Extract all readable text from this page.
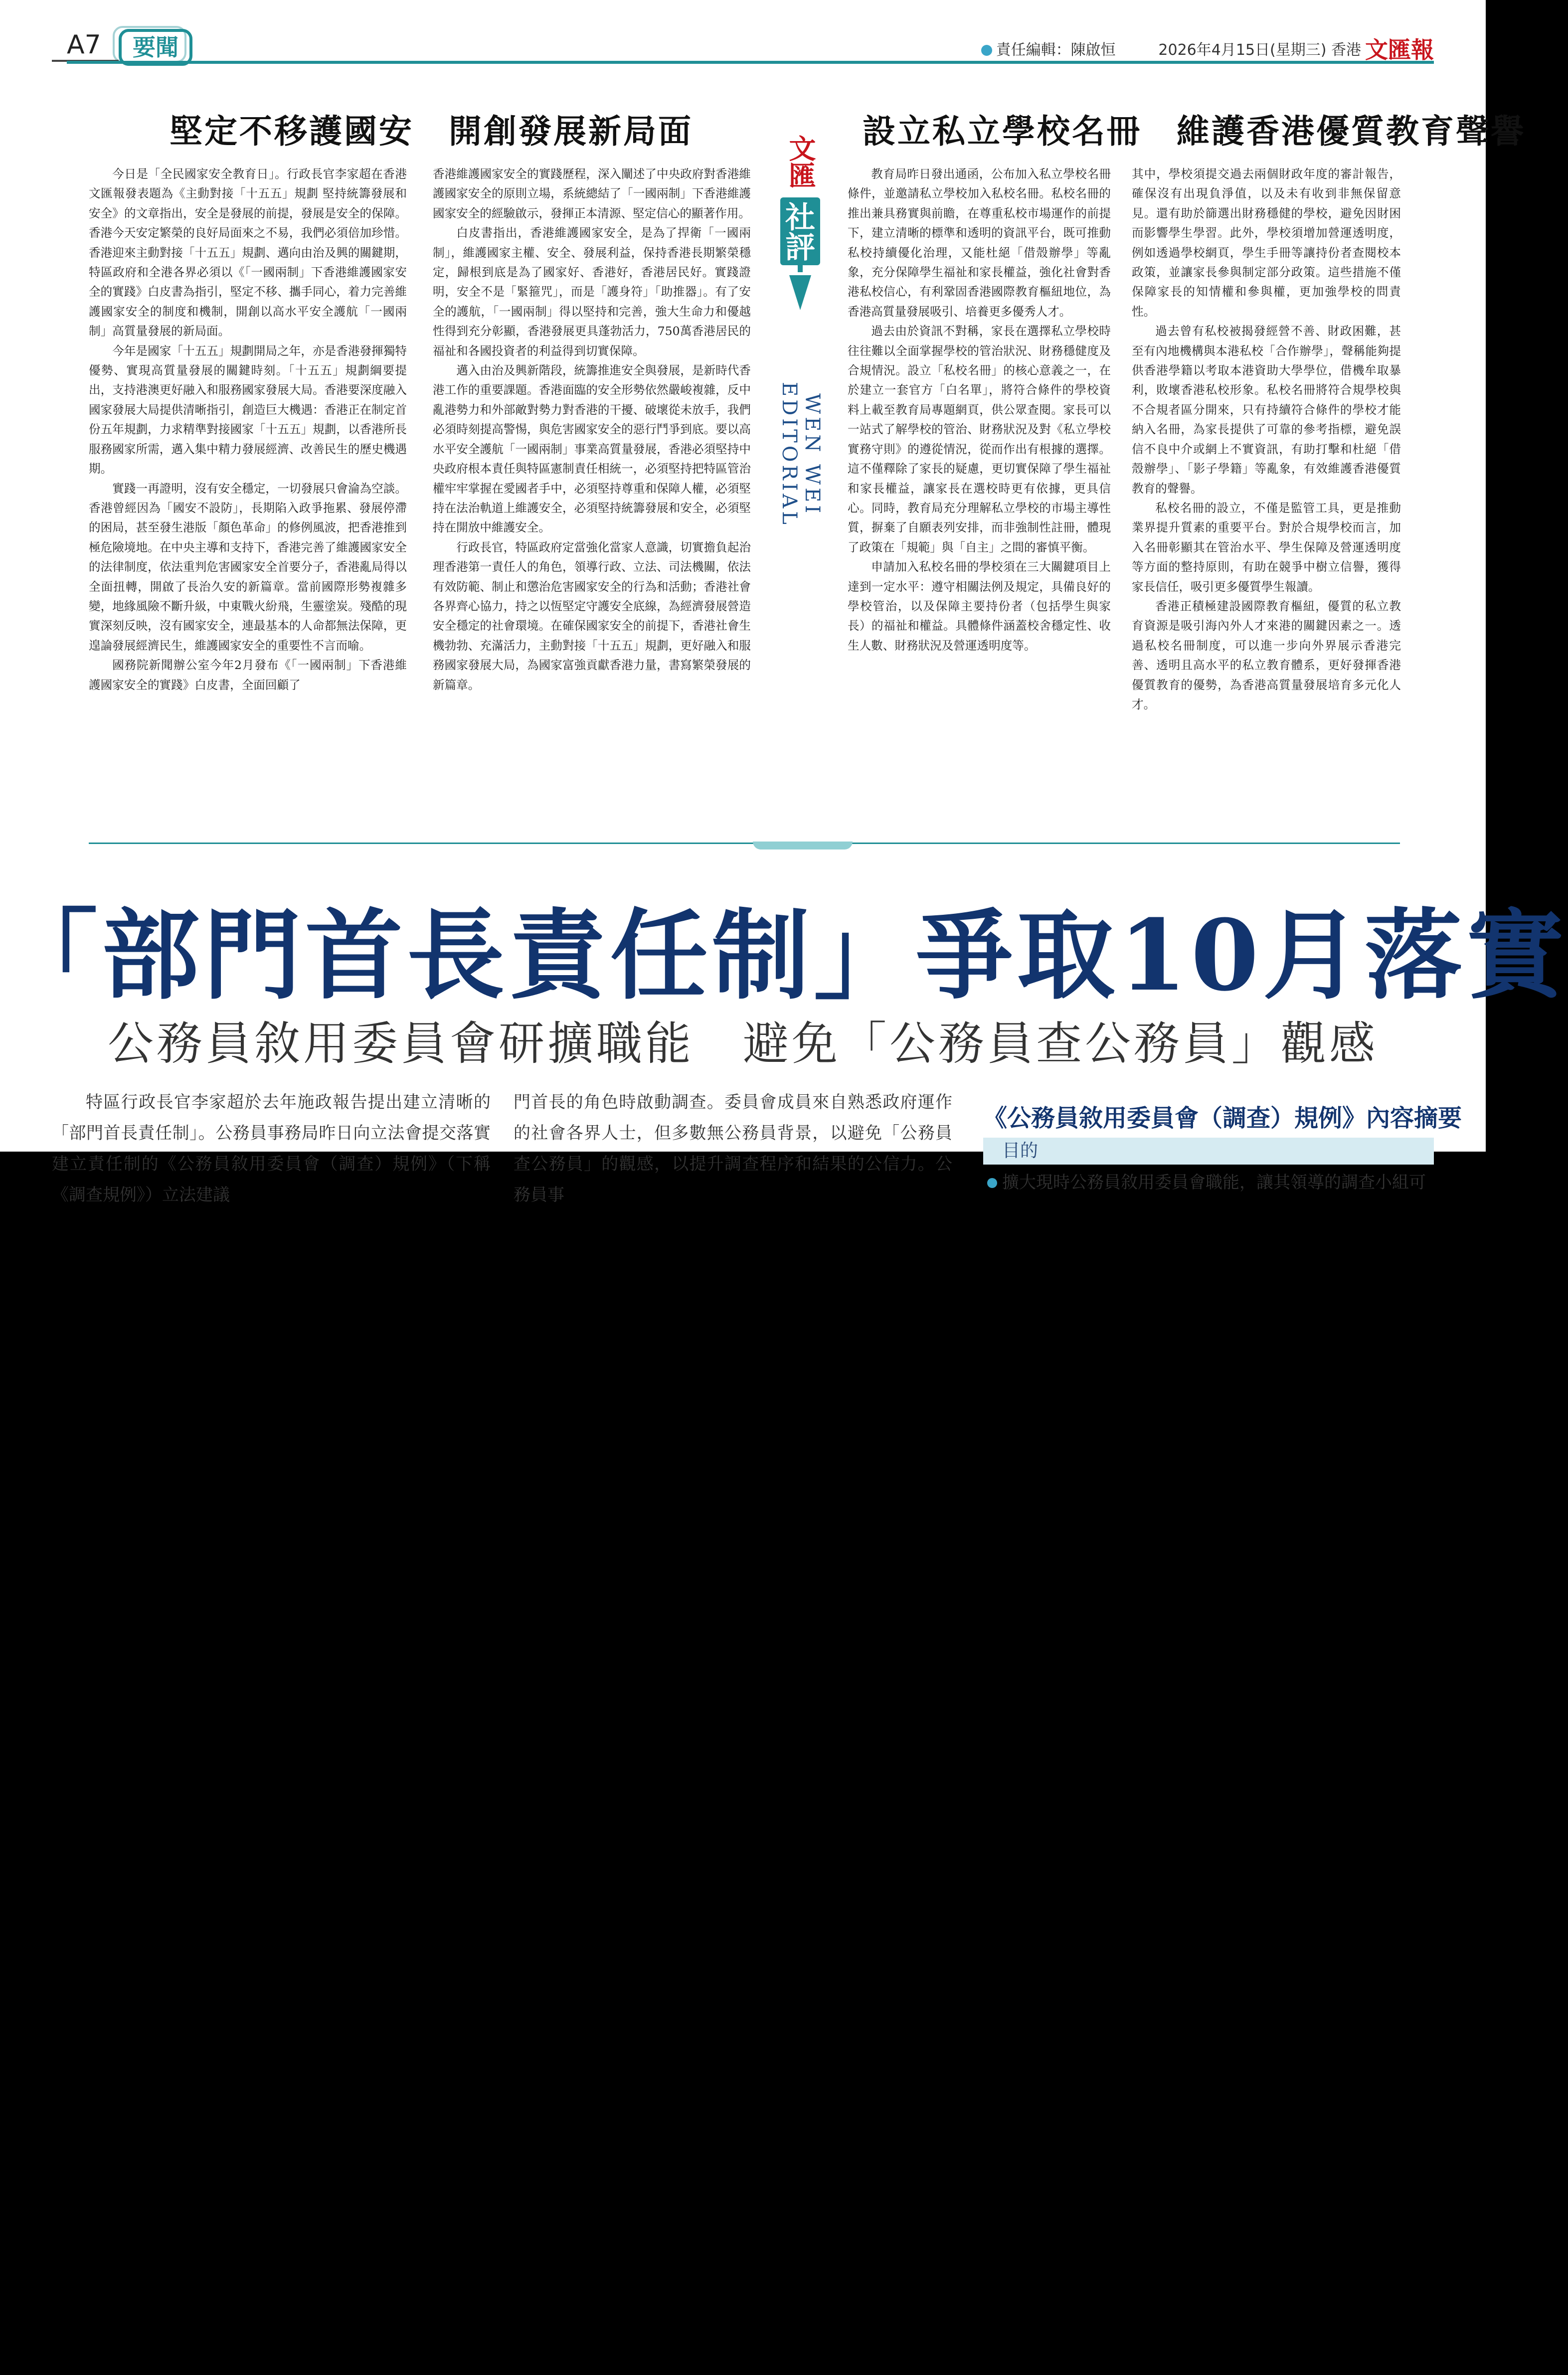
A7	要聞	責任編輯：陳啟恒	2026年4月15日(星期三) 香港 文匯報
堅定不移護國安　開創發展新局面

今日是「全民國家安全教育日」。行政長官李家超在香港文匯報發表題為《主動對接「十五五」規劃 堅持統籌發展和安全》的文章指出，安全是發展的前提，發展是安全的保障。香港今天安定繁榮的良好局面來之不易，我們必須倍加珍惜。香港迎來主動對接「十五五」規劃、邁向由治及興的關鍵期，特區政府和全港各界必須以《「一國兩制」下香港維護國家安全的實踐》白皮書為指引，堅定不移、攜手同心，着力完善維護國家安全的制度和機制，開創以高水平安全護航「一國兩制」高質量發展的新局面。

今年是國家「十五五」規劃開局之年，亦是香港發揮獨特優勢、實現高質量發展的關鍵時刻。「十五五」規劃綱要提出，支持港澳更好融入和服務國家發展大局。香港要深度融入國家發展大局提供清晰指引，創造巨大機遇：香港正在制定首份五年規劃，力求精準對接國家「十五五」規劃，以香港所長服務國家所需，邁入集中精力發展經濟、改善民生的歷史機遇期。

實踐一再證明，沒有安全穩定，一切發展只會淪為空談。香港曾經因為「國安不設防」，長期陷入政爭拖累、發展停滯的困局，甚至發生港版「顏色革命」的修例風波，把香港推到極危險境地。在中央主導和支持下，香港完善了維護國家安全的法律制度，依法重判危害國家安全首要分子，香港亂局得以全面扭轉，開啟了長治久安的新篇章。當前國際形勢複雜多變，地緣風險不斷升級，中東戰火紛飛，生靈塗炭。殘酷的現實深刻反映，沒有國家安全，連最基本的人命都無法保障，更遑論發展經濟民生，維護國家安全的重要性不言而喻。

國務院新聞辦公室今年2月發布《「一國兩制」下香港維護國家安全的實踐》白皮書，全面回顧了

香港維護國家安全的實踐歷程，深入闡述了中央政府對香港維護國家安全的原則立場，系統總結了「一國兩制」下香港維護國家安全的經驗啟示，發揮正本清源、堅定信心的顯著作用。

白皮書指出，香港維護國家安全，是為了捍衛「一國兩制」，維護國家主權、安全、發展利益，保持香港長期繁榮穩定，歸根到底是為了國家好、香港好，香港居民好。實踐證明，安全不是「緊箍咒」，而是「護身符」「助推器」。有了安全的護航，「一國兩制」得以堅持和完善，強大生命力和優越性得到充分彰顯，香港發展更具蓬勃活力，750萬香港居民的福祉和各國投資者的利益得到切實保障。

邁入由治及興新階段，統籌推進安全與發展，是新時代香港工作的重要課題。香港面臨的安全形勢依然嚴峻複雜，反中亂港勢力和外部敵對勢力對香港的干擾、破壞從未放手，我們必須時刻提高警惕，與危害國家安全的惡行鬥爭到底。要以高水平安全護航「一國兩制」事業高質量發展，香港必須堅持中央政府根本責任與特區憲制責任相統一，必須堅持把特區管治權牢牢掌握在愛國者手中，必須堅持尊重和保障人權，必須堅持在法治軌道上維護安全，必須堅持統籌發展和安全，必須堅持在開放中維護安全。

行政長官，特區政府定當強化當家人意識，切實擔負起治理香港第一責任人的角色，領導行政、立法、司法機關，依法有效防範、制止和懲治危害國家安全的行為和活動；香港社會各界齊心協力，持之以恆堅定守護安全底線，為經濟發展營造安全穩定的社會環境。在確保國家安全的前提下，香港社會生機勃勃、充滿活力，主動對接「十五五」規劃，更好融入和服務國家發展大局，為國家富強貢獻香港力量，書寫繁榮發展的新篇章。

文匯
社評
WEN WEI EDITORIAL
設立私立學校名冊　維護香港優質教育聲譽

教育局昨日發出通函，公布加入私立學校名冊條件，並邀請私立學校加入私校名冊。私校名冊的推出兼具務實與前瞻，在尊重私校市場運作的前提下，建立清晰的標準和透明的資訊平台，既可推動私校持續優化治理，又能杜絕「借殼辦學」等亂象，充分保障學生福祉和家長權益，強化社會對香港私校信心，有利鞏固香港國際教育樞紐地位，為香港高質量發展吸引、培養更多優秀人才。

過去由於資訊不對稱，家長在選擇私立學校時往往難以全面掌握學校的管治狀況、財務穩健度及合規情況。設立「私校名冊」的核心意義之一，在於建立一套官方「白名單」，將符合條件的學校資料上載至教育局專題網頁，供公眾查閱。家長可以一站式了解學校的管治、財務狀況及對《私立學校實務守則》的遵從情況，從而作出有根據的選擇。這不僅釋除了家長的疑慮，更切實保障了學生福祉和家長權益，讓家長在選校時更有依據，更具信心。同時，教育局充分理解私立學校的市場主導性質，摒棄了自願表列安排，而非強制性註冊，體現了政策在「規範」與「自主」之間的審慎平衡。

申請加入私校名冊的學校須在三大關鍵項目上達到一定水平：遵守相關法例及規定，具備良好的學校管治，以及保障主要持份者（包括學生與家長）的福祉和權益。具體條件涵蓋校舍穩定性、收生人數、財務狀況及營運透明度等。

其中，學校須提交過去兩個財政年度的審計報告，確保沒有出現負淨值，以及未有收到非無保留意見。還有助於篩選出財務穩健的學校，避免因財困而影響學生學習。此外，學校須增加營運透明度，例如透過學校網頁，學生手冊等讓持份者查閱校本政策，並讓家長參與制定部分政策。這些措施不僅保障家長的知情權和參與權，更加強學校的問責性。

過去曾有私校被揭發經營不善、財政困難，甚至有內地機構與本港私校「合作辦學」，聲稱能夠提供香港學籍以考取本港資助大學學位，借機牟取暴利，敗壞香港私校形象。私校名冊將符合規學校與不合規者區分開來，只有持續符合條件的學校才能納入名冊，為家長提供了可靠的參考指標，避免誤信不良中介或網上不實資訊，有助打擊和杜絕「借殼辦學」、「影子學籍」等亂象，有效維護香港優質教育的聲譽。

私校名冊的設立，不僅是監管工具，更是推動業界提升質素的重要平台。對於合規學校而言，加入名冊彰顯其在管治水平、學生保障及營運透明度等方面的整持原則，有助在競爭中樹立信譽，獲得家長信任，吸引更多優質學生報讀。

香港正積極建設國際教育樞紐，優質的私立教育資源是吸引海內外人才來港的關鍵因素之一。透過私校名冊制度，可以進一步向外界展示香港完善、透明且高水平的私立教育體系，更好發揮香港優質教育的優勢，為香港高質量發展培育多元化人才。

「部門首長責任制」爭取10月落實
公務員敘用委員會研擴職能　避免「公務員查公務員」觀感

特區行政長官李家超於去年施政報告提出建立清晰的「部門首長責任制」。公務員事務局昨日向立法會提交落實建立責任制的《公務員敘用委員會（調查）規例》（下稱《調查規例》）立法建議

門首長的角色時啟動調查。委員會成員來自熟悉政府運作的社會各界人士，但多數無公務員背景，以避免「公務員查公務員」的觀感，以提升調查程序和結果的公信力。公務員事

《公務員敘用委員會（調查）規例》內容摘要
目的
擴大現時公務員敘用委員會職能，讓其領導的調查小組可
